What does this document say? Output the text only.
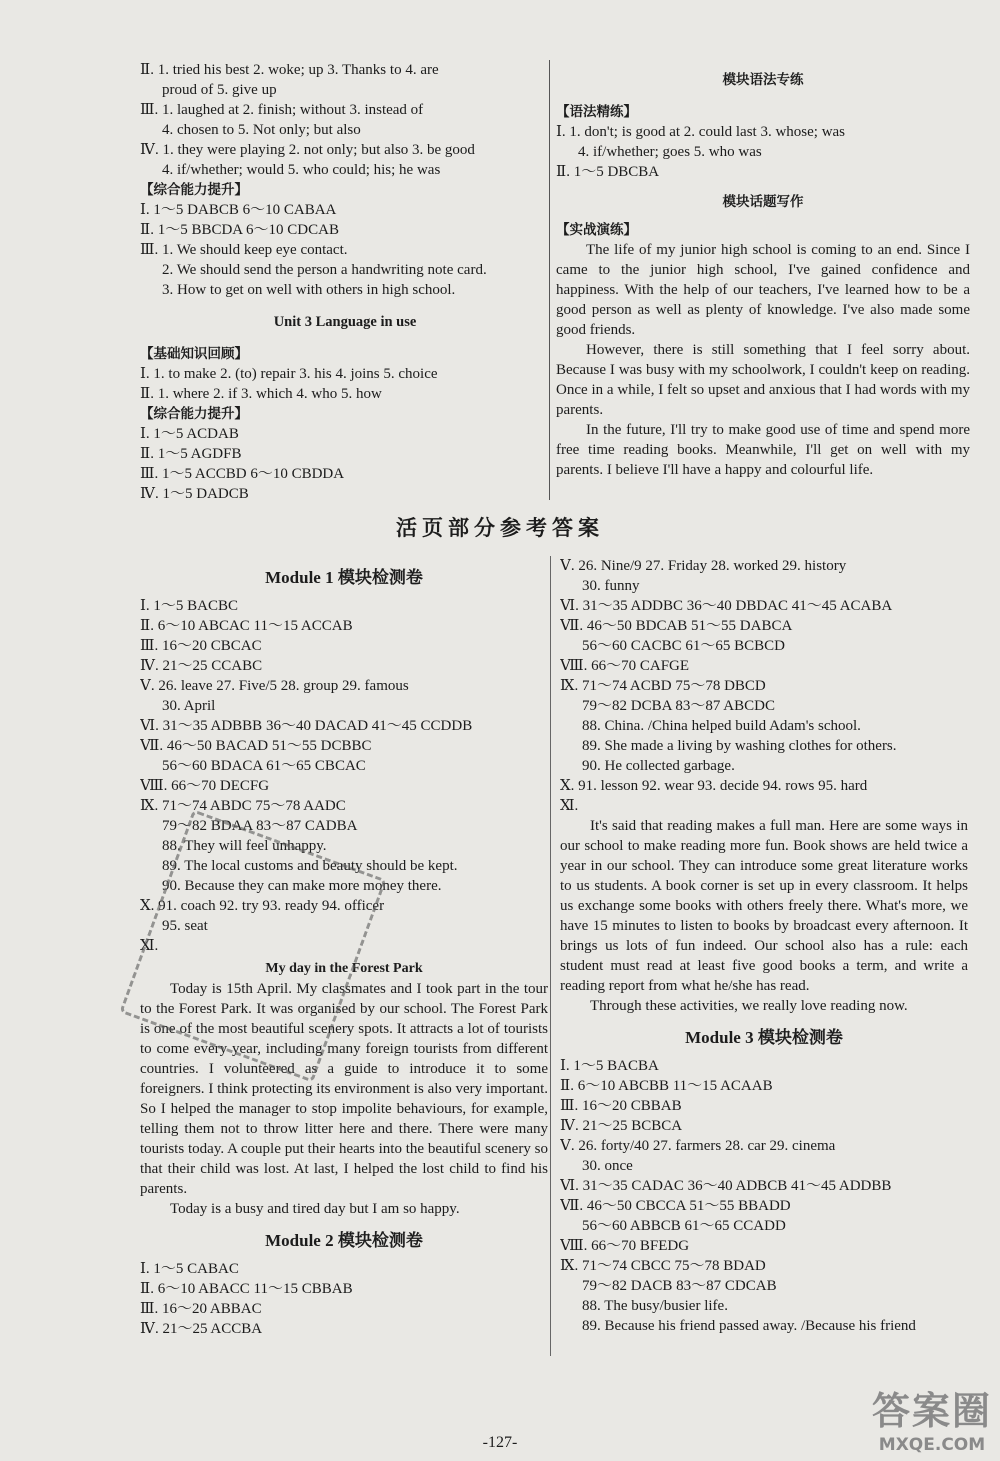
Ⅱ. 1. tried his best 2. woke; up 3. Thanks to 4. are
proud of 5. give up
Ⅲ. 1. laughed at 2. finish; without 3. instead of
4. chosen to 5. Not only; but also
Ⅳ. 1. they were playing 2. not only; but also 3. be good
4. if/whether; would 5. who could; his; he was
【综合能力提升】
Ⅰ. 1～5 DABCB 6～10 CABAA
Ⅱ. 1～5 BBCDA 6～10 CDCAB
Ⅲ. 1. We should keep eye contact.
2. We should send the person a handwriting note card.
3. How to get on well with others in high school.
Unit 3 Language in use
【基础知识回顾】
Ⅰ. 1. to make 2. (to) repair 3. his 4. joins 5. choice
Ⅱ. 1. where 2. if 3. which 4. who 5. how
【综合能力提升】
Ⅰ. 1～5 ACDAB
Ⅱ. 1～5 AGDFB
Ⅲ. 1～5 ACCBD 6～10 CBDDA
Ⅳ. 1～5 DADCB
模块语法专练
【语法精练】
Ⅰ. 1. don't; is good at 2. could last 3. whose; was
4. if/whether; goes 5. who was
Ⅱ. 1～5 DBCBA
模块话题写作
【实战演练】
The life of my junior high school is coming to an end. Since I came to the junior high school, I've gained confidence and happiness. With the help of our teachers, I've learned how to be a good person as well as plenty of knowledge. I've also made some good friends.
However, there is still something that I feel sorry about. Because I was busy with my schoolwork, I couldn't keep on reading. Once in a while, I felt so upset and anxious that I had words with my parents.
In the future, I'll try to make good use of time and spend more free time reading books. Meanwhile, I'll get on well with my parents. I believe I'll have a happy and colourful life.
活页部分参考答案
Module 1 模块检测卷
Ⅰ. 1～5 BACBC
Ⅱ. 6～10 ABCAC 11～15 ACCAB
Ⅲ. 16～20 CBCAC
Ⅳ. 21～25 CCABC
Ⅴ. 26. leave 27. Five/5 28. group 29. famous
30. April
Ⅵ. 31～35 ADBBB 36～40 DACAD 41～45 CCDDB
Ⅶ. 46～50 BACAD 51～55 DCBBC
56～60 BDACA 61～65 CBCAC
Ⅷ. 66～70 DECFG
Ⅸ. 71～74 ABDC 75～78 AADC
79～82 BDAA 83～87 CADBA
88. They will feel unhappy.
89. The local customs and beauty should be kept.
90. Because they can make more money there.
Ⅹ. 91. coach 92. try 93. ready 94. officer
95. seat
Ⅺ.
My day in the Forest Park
Today is 15th April. My classmates and I took part in the tour to the Forest Park. It was organised by our school. The Forest Park is one of the most beautiful scenery spots. It attracts a lot of tourists to come every year, including many foreign tourists from different countries. I volunteered as a guide to introduce it to some foreigners. I think protecting its environment is also very important. So I helped the manager to stop impolite behaviours, for example, telling them not to throw litter here and there. There were many tourists today. A couple put their hearts into the beautiful scenery so that their child was lost. At last, I helped the lost child to find his parents.
Today is a busy and tired day but I am so happy.
Module 2 模块检测卷
Ⅰ. 1～5 CABAC
Ⅱ. 6～10 ABACC 11～15 CBBAB
Ⅲ. 16～20 ABBAC
Ⅳ. 21～25 ACCBA
Ⅴ. 26. Nine/9 27. Friday 28. worked 29. history
30. funny
Ⅵ. 31～35 ADDBC 36～40 DBDAC 41～45 ACABA
Ⅶ. 46～50 BDCAB 51～55 DABCA
56～60 CACBC 61～65 BCBCD
Ⅷ. 66～70 CAFGE
Ⅸ. 71～74 ACBD 75～78 DBCD
79～82 DCBA 83～87 ABCDC
88. China. /China helped build Adam's school.
89. She made a living by washing clothes for others.
90. He collected garbage.
Ⅹ. 91. lesson 92. wear 93. decide 94. rows 95. hard
Ⅺ.
It's said that reading makes a full man. Here are some ways in our school to make reading more fun. Book shows are held twice a year in our school. They can introduce some great literature works to us students. A book corner is set up in every classroom. It helps us exchange some books with others freely there. What's more, we have 15 minutes to listen to books by broadcast every afternoon. It brings us lots of fun indeed. Our school also has a rule: each student must read at least five good books a term, and write a reading report from what he/she has read.
Through these activities, we really love reading now.
Module 3 模块检测卷
Ⅰ. 1～5 BACBA
Ⅱ. 6～10 ABCBB 11～15 ACAAB
Ⅲ. 16～20 CBBAB
Ⅳ. 21～25 BCBCA
Ⅴ. 26. forty/40 27. farmers 28. car 29. cinema
30. once
Ⅵ. 31～35 CADAC 36～40 ADBCB 41～45 ADDBB
Ⅶ. 46～50 CBCCA 51～55 BBADD
56～60 ABBCB 61～65 CCADD
Ⅷ. 66～70 BFEDG
Ⅸ. 71～74 CBCC 75～78 BDAD
79～82 DACB 83～87 CDCAB
88. The busy/busier life.
89. Because his friend passed away. /Because his friend
-127-
答案圈
MXQE.COM
